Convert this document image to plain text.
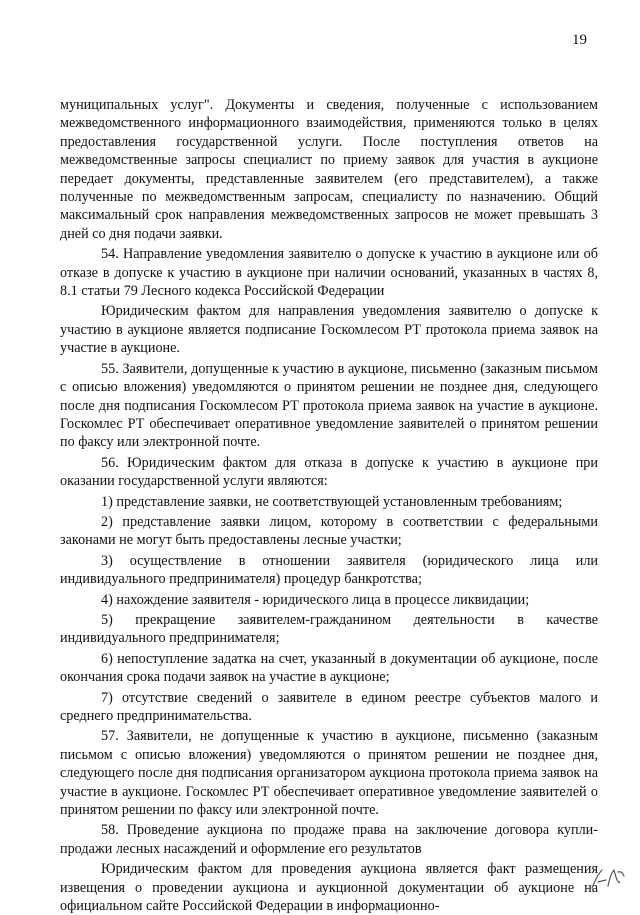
19

муниципальных услуг". Документы и сведения, полученные с использованием межведомственного информационного взаимодействия, применяются только в целях предоставления государственной услуги. После поступления ответов на межведомственные запросы специалист по приему заявок для участия в аукционе передает документы, представленные заявителем (его представителем), а также полученные по межведомственным запросам, специалисту по назначению. Общий максимальный срок направления межведомственных запросов не может превышать 3 дней со дня подачи заявки.

54. Направление уведомления заявителю о допуске к участию в аукционе или об отказе в допуске к участию в аукционе при наличии оснований, указанных в частях 8, 8.1 статьи 79 Лесного кодекса Российской Федерации

Юридическим фактом для направления уведомления заявителю о допуске к участию в аукционе является подписание Госкомлесом РТ протокола приема заявок на участие в аукционе.

55. Заявители, допущенные к участию в аукционе, письменно (заказным письмом с описью вложения) уведомляются о принятом решении не позднее дня, следующего после дня подписания Госкомлесом РТ протокола приема заявок на участие в аукционе. Госкомлес РТ обеспечивает оперативное уведомление заявителей о принятом решении по факсу или электронной почте.

56. Юридическим фактом для отказа в допуске к участию в аукционе при оказании государственной услуги являются:

1) представление заявки, не соответствующей установленным требованиям;

2) представление заявки лицом, которому в соответствии с федеральными законами не могут быть предоставлены лесные участки;

3) осуществление в отношении заявителя (юридического лица или индивидуального предпринимателя) процедур банкротства;

4) нахождение заявителя - юридического лица в процессе ликвидации;

5) прекращение заявителем-гражданином деятельности в качестве индивидуального предпринимателя;

6) непоступление задатка на счет, указанный в документации об аукционе, после окончания срока подачи заявок на участие в аукционе;

7) отсутствие сведений о заявителе в едином реестре субъектов малого и среднего предпринимательства.

57. Заявители, не допущенные к участию в аукционе, письменно (заказным письмом с описью вложения) уведомляются о принятом решении не позднее дня, следующего после дня подписания организатором аукциона протокола приема заявок на участие в аукционе. Госкомлес РТ обеспечивает оперативное уведомление заявителей о принятом решении по факсу или электронной почте.

58. Проведение аукциона по продаже права на заключение договора купли-продажи лесных насаждений и оформление его результатов

Юридическим фактом для проведения аукциона является факт размещения извещения о проведении аукциона и аукционной документации об аукционе на официальном сайте Российской Федерации в информационно-
